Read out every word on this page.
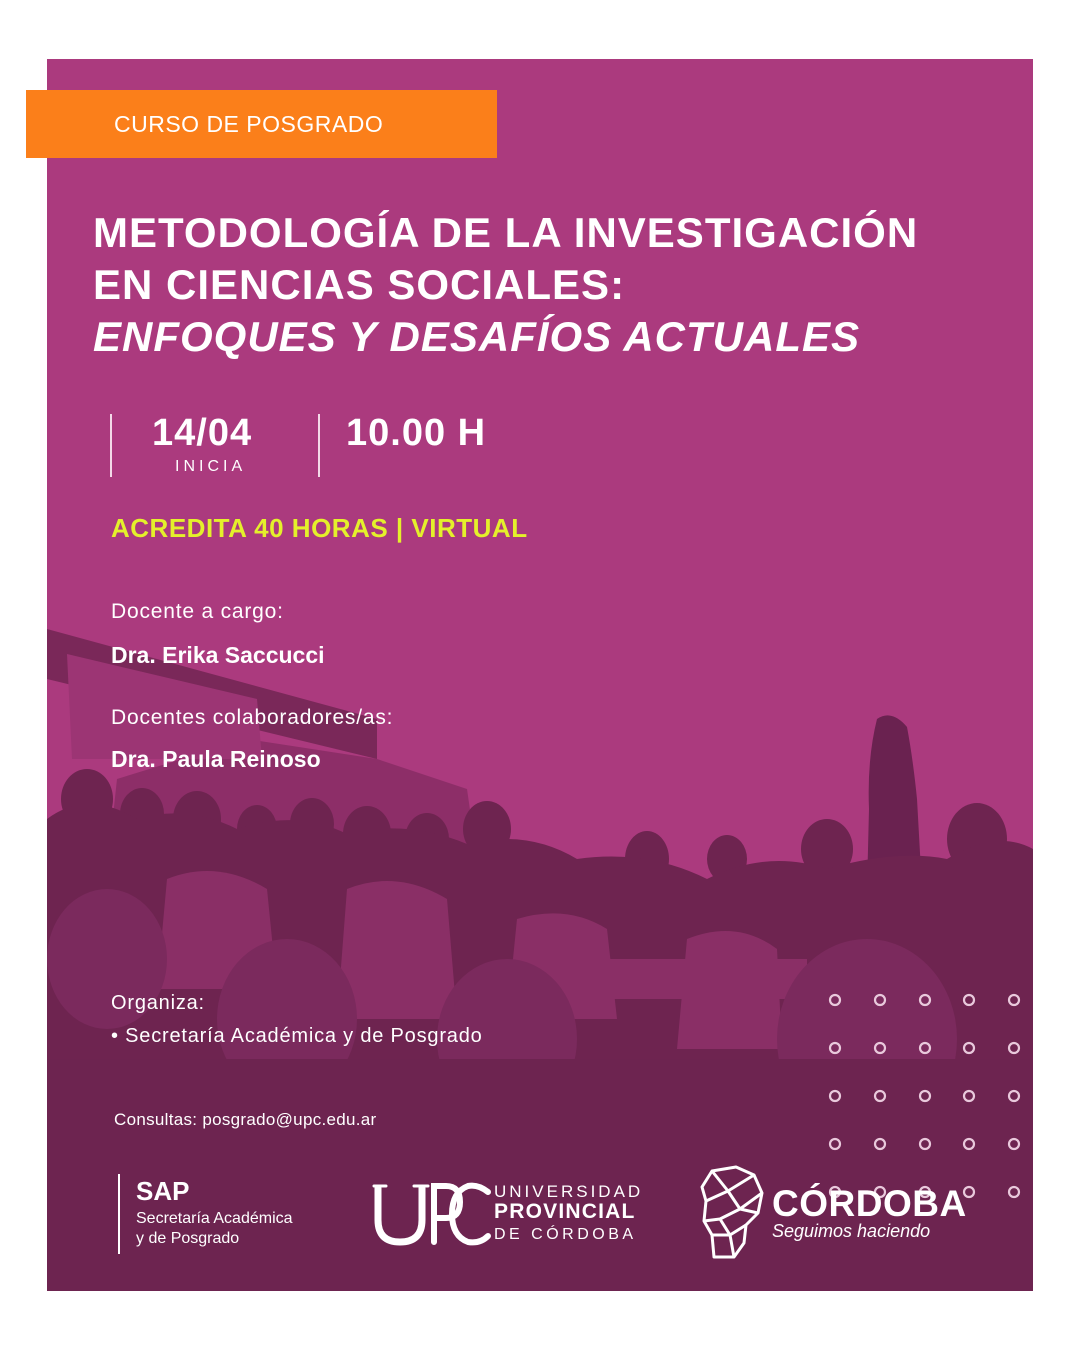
CURSO DE POSGRADO
METODOLOGÍA DE LA INVESTIGACIÓN
EN CIENCIAS SOCIALES:
ENFOQUES Y DESAFÍOS ACTUALES
14/04
INICIA
10.00 H
ACREDITA 40 HORAS | VIRTUAL
Docente a cargo:
Dra. Erika Saccucci
Docentes colaboradores/as:
Dra. Paula Reinoso
Organiza:
• Secretaría Académica y de Posgrado
Consultas: posgrado@upc.edu.ar
SAP
Secretaría Académica
y de Posgrado
UNIVERSIDAD
PROVINCIAL
DE CÓRDOBA
CÓRDOBA
Seguimos haciendo
